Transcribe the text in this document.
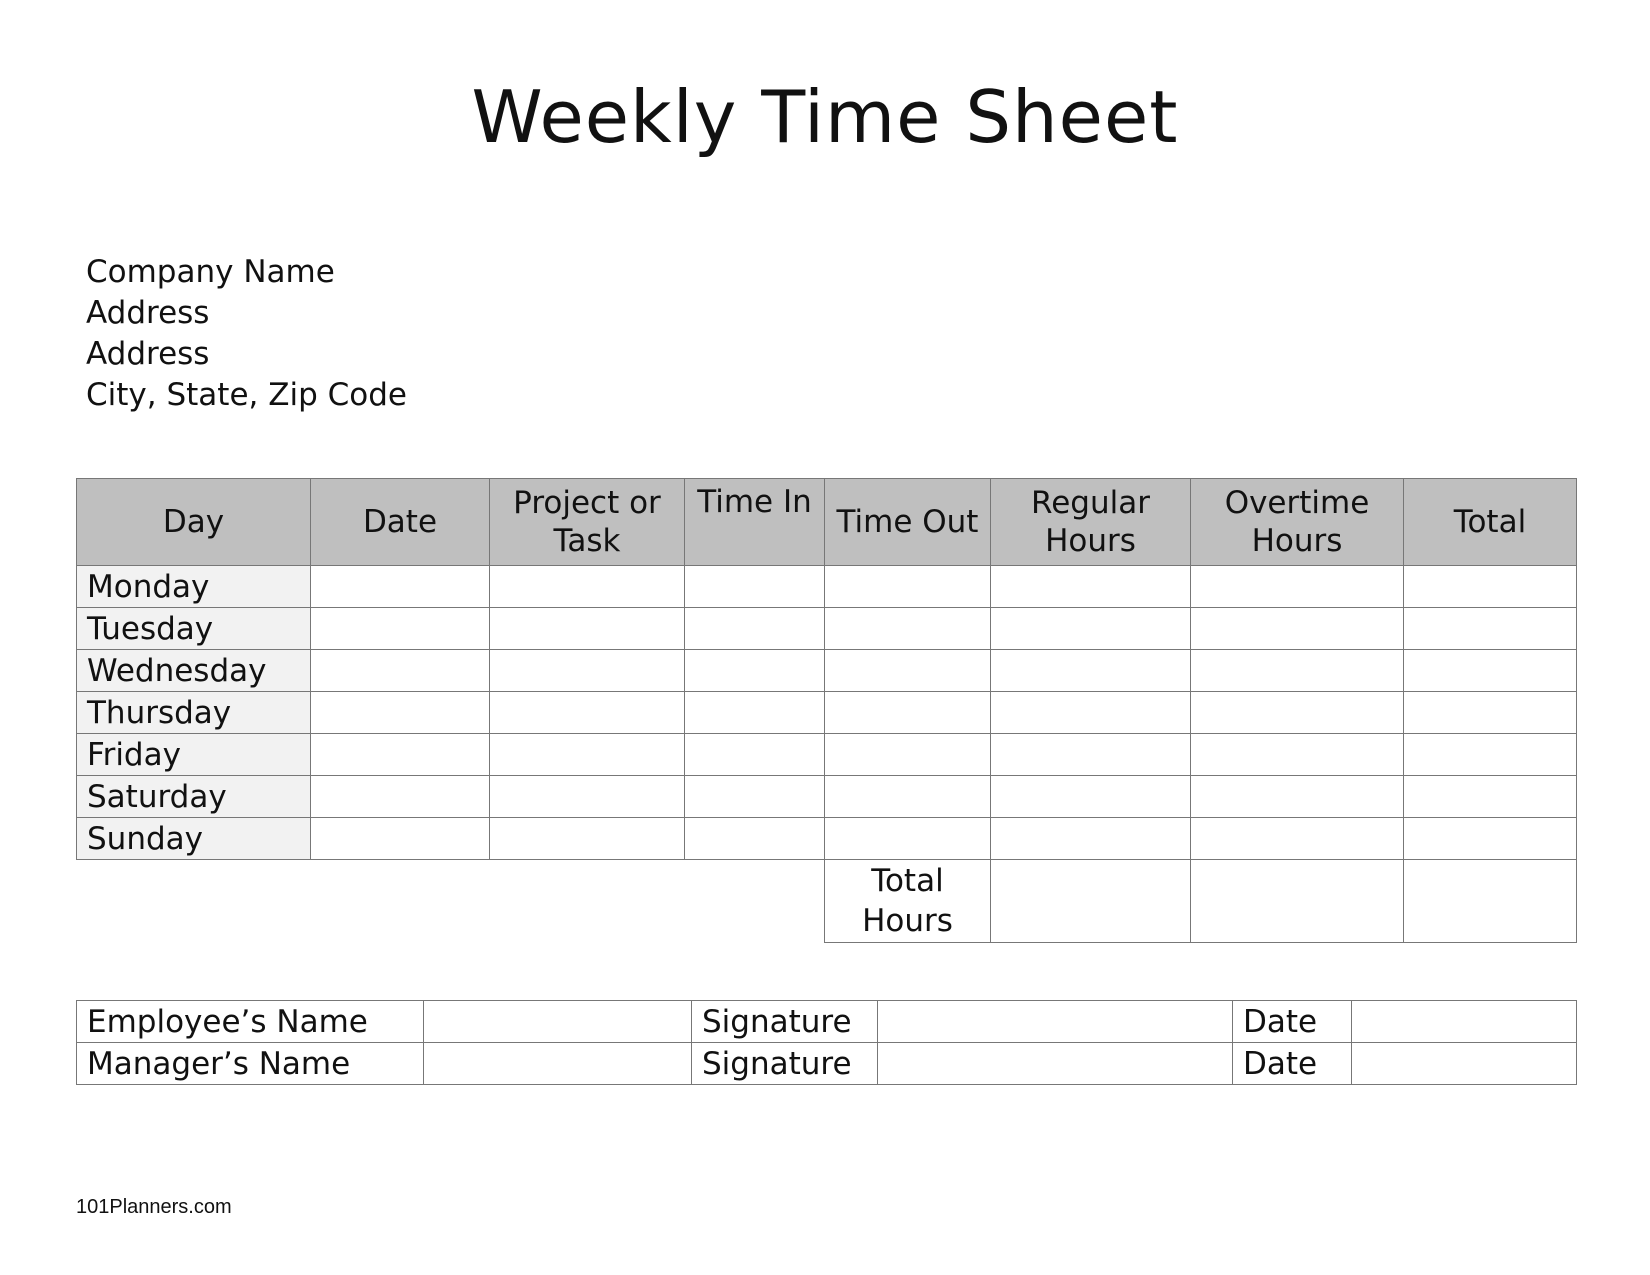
Weekly Time Sheet
Company Name
Address
Address
City, State, Zip Code
Day	Date	Project or Task	Time In	Time Out	Regular Hours	Overtime Hours	Total
Monday							
Tuesday							
Wednesday							
Thursday							
Friday							
Saturday							
Sunday							
				Total Hours			
Employee’s Name		Signature		Date	
Manager’s Name		Signature		Date	
101Planners.com
